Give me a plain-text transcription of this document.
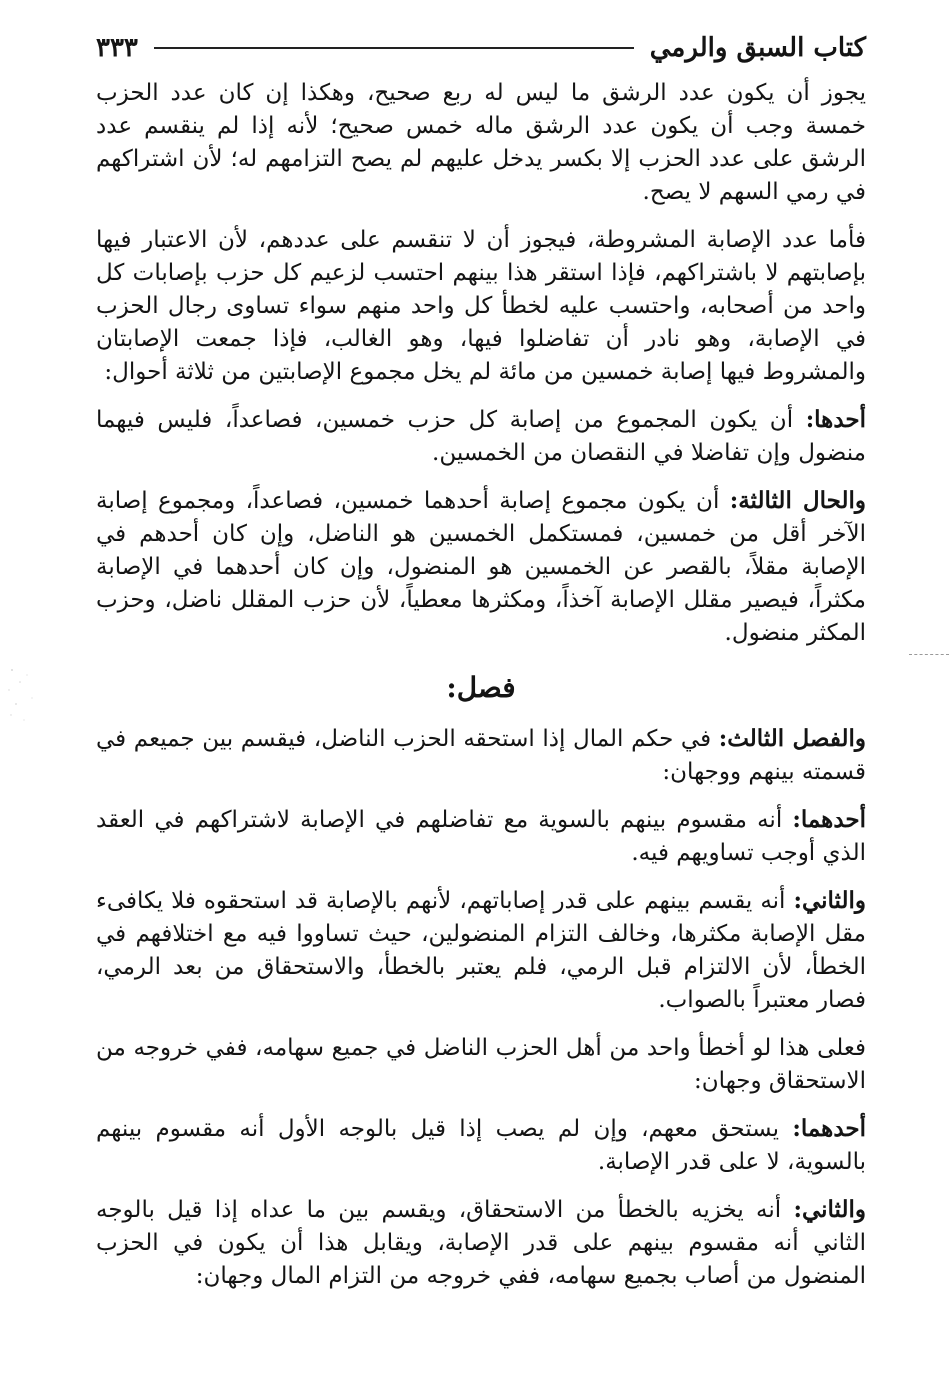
كتاب السبق والرمي
٣٣٣

يجوز أن يكون عدد الرشق ما ليس له ربع صحيح، وهكذا إن كان عدد الحزب خمسة وجب أن يكون عدد الرشق ماله خمس صحيح؛ لأنه إذا لم ينقسم عدد الرشق على عدد الحزب إلا بكسر يدخل عليهم لم يصح التزامهم له؛ لأن اشتراكهم في رمي السهم لا يصح.

فأما عدد الإصابة المشروطة، فيجوز أن لا تنقسم على عددهم، لأن الاعتبار فيها بإصابتهم لا باشتراكهم، فإذا استقر هذا بينهم احتسب لزعيم كل حزب بإصابات كل واحد من أصحابه، واحتسب عليه لخطأ كل واحد منهم سواء تساوى رجال الحزب في الإصابة، وهو نادر أن تفاضلوا فيها، وهو الغالب، فإذا جمعت الإصابتان والمشروط فيها إصابة خمسين من مائة لم يخل مجموع الإصابتين من ثلاثة أحوال:

أحدها: أن يكون المجموع من إصابة كل حزب خمسين، فصاعداً، فليس فيهما منضول وإن تفاضلا في النقصان من الخمسين.

والحال الثالثة: أن يكون مجموع إصابة أحدهما خمسين، فصاعداً، ومجموع إصابة الآخر أقل من خمسين، فمستكمل الخمسين هو الناضل، وإن كان أحدهم في الإصابة مقلاً، بالقصر عن الخمسين هو المنضول، وإن كان أحدهما في الإصابة مكثراً، فيصير مقلل الإصابة آخذاً، ومكثرها معطياً، لأن حزب المقلل ناضل، وحزب المكثر منضول.

فصل:

والفصل الثالث: في حكم المال إذا استحقه الحزب الناضل، فيقسم بين جميعم في قسمته بينهم ووجهان:

أحدهما: أنه مقسوم بينهم بالسوية مع تفاضلهم في الإصابة لاشتراكهم في العقد الذي أوجب تساويهم فيه.

والثاني: أنه يقسم بينهم على قدر إصاباتهم، لأنهم بالإصابة قد استحقوه فلا يكافىء مقل الإصابة مكثرها، وخالف التزام المنضولين، حيث تساووا فيه مع اختلافهم في الخطأ، لأن الالتزام قبل الرمي، فلم يعتبر بالخطأ، والاستحقاق من بعد الرمي، فصار معتبراً بالصواب.

فعلى هذا لو أخطأ واحد من أهل الحزب الناضل في جميع سهامه، ففي خروجه من الاستحقاق وجهان:

أحدهما: يستحق معهم، وإن لم يصب إذا قيل بالوجه الأول أنه مقسوم بينهم بالسوية، لا على قدر الإصابة.

والثاني: أنه يخزيه بالخطأ من الاستحقاق، ويقسم بين ما عداه إذا قيل بالوجه الثاني أنه مقسوم بينهم على قدر الإصابة، ويقابل هذا أن يكون في الحزب المنضول من أصاب بجميع سهامه، ففي خروجه من التزام المال وجهان:
